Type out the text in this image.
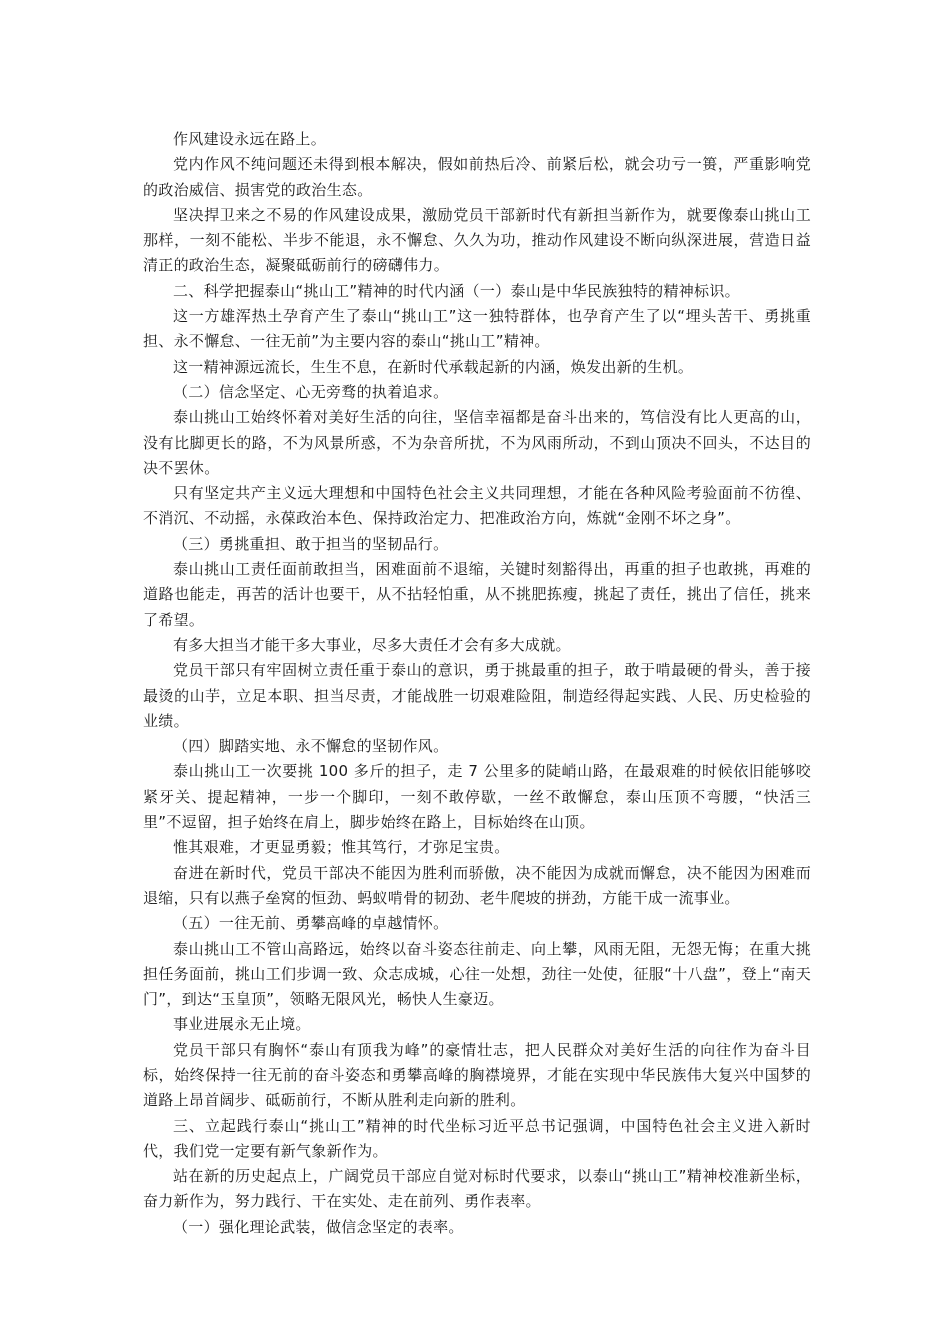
作风建设永远在路上。

党内作风不纯问题还未得到根本解决，假如前热后冷、前紧后松，就会功亏一篑，严重影响党的政治威信、损害党的政治生态。

坚决捍卫来之不易的作风建设成果，激励党员干部新时代有新担当新作为，就要像泰山挑山工那样，一刻不能松、半步不能退，永不懈怠、久久为功，推动作风建设不断向纵深进展，营造日益清正的政治生态，凝聚砥砺前行的磅礴伟力。

二、科学把握泰山“挑山工”精神的时代内涵（一）泰山是中华民族独特的精神标识。

这一方雄浑热土孕育产生了泰山“挑山工”这一独特群体，也孕育产生了以“埋头苦干、勇挑重担、永不懈怠、一往无前”为主要内容的泰山“挑山工”精神。

这一精神源远流长，生生不息，在新时代承载起新的内涵，焕发出新的生机。

（二）信念坚定、心无旁骛的执着追求。

泰山挑山工始终怀着对美好生活的向往，坚信幸福都是奋斗出来的，笃信没有比人更高的山，没有比脚更长的路，不为风景所惑，不为杂音所扰，不为风雨所动，不到山顶决不回头，不达目的决不罢休。

只有坚定共产主义远大理想和中国特色社会主义共同理想，才能在各种风险考验面前不彷徨、不消沉、不动摇，永葆政治本色、保持政治定力、把准政治方向，炼就“金刚不坏之身”。

（三）勇挑重担、敢于担当的坚韧品行。

泰山挑山工责任面前敢担当，困难面前不退缩，关键时刻豁得出，再重的担子也敢挑，再难的道路也能走，再苦的活计也要干，从不拈轻怕重，从不挑肥拣瘦，挑起了责任，挑出了信任，挑来了希望。

有多大担当才能干多大事业，尽多大责任才会有多大成就。

党员干部只有牢固树立责任重于泰山的意识，勇于挑最重的担子，敢于啃最硬的骨头，善于接最烫的山芋，立足本职、担当尽责，才能战胜一切艰难险阻，制造经得起实践、人民、历史检验的业绩。

（四）脚踏实地、永不懈怠的坚韧作风。

泰山挑山工一次要挑 100 多斤的担子，走 7 公里多的陡峭山路，在最艰难的时候依旧能够咬紧牙关、提起精神，一步一个脚印，一刻不敢停歇，一丝不敢懈怠，泰山压顶不弯腰，“快活三里”不逗留，担子始终在肩上，脚步始终在路上，目标始终在山顶。

惟其艰难，才更显勇毅；惟其笃行，才弥足宝贵。

奋进在新时代，党员干部决不能因为胜利而骄傲，决不能因为成就而懈怠，决不能因为困难而退缩，只有以燕子垒窝的恒劲、蚂蚁啃骨的韧劲、老牛爬坡的拼劲，方能干成一流事业。

（五）一往无前、勇攀高峰的卓越情怀。

泰山挑山工不管山高路远，始终以奋斗姿态往前走、向上攀，风雨无阻，无怨无悔；在重大挑担任务面前，挑山工们步调一致、众志成城，心往一处想，劲往一处使，征服“十八盘”，登上“南天门”，到达“玉皇顶”，领略无限风光，畅快人生豪迈。

事业进展永无止境。

党员干部只有胸怀“泰山有顶我为峰”的豪情壮志，把人民群众对美好生活的向往作为奋斗目标，始终保持一往无前的奋斗姿态和勇攀高峰的胸襟境界，才能在实现中华民族伟大复兴中国梦的道路上昂首阔步、砥砺前行，不断从胜利走向新的胜利。

三、立起践行泰山“挑山工”精神的时代坐标习近平总书记强调，中国特色社会主义进入新时代，我们党一定要有新气象新作为。

站在新的历史起点上，广阔党员干部应自觉对标时代要求，以泰山“挑山工”精神校准新坐标，奋力新作为，努力践行、干在实处、走在前列、勇作表率。

（一）强化理论武装，做信念坚定的表率。
